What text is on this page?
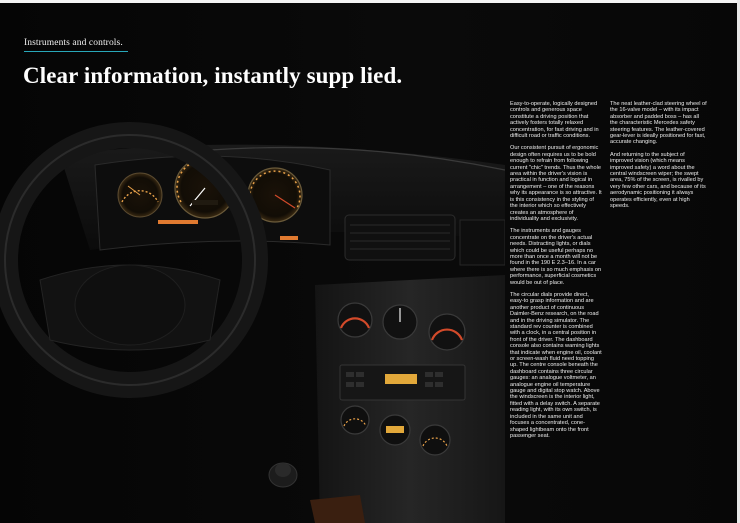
Instruments and controls.
Clear information, instantly supp lied.

Easy-to-operate, logically designed controls and generous space constitute a driving position that actively fosters totally relaxed concentration, for fast driving and in difficult road or traffic conditions.

Our consistent pursuit of ergonomic design often requires us to be bold enough to refrain from following current "chic" trends. Thus the whole area within the driver's vision is practical in function and logical in arrangement – one of the reasons why its appearance is so attractive. It is this consistency in the styling of the interior which so effectively creates an atmosphere of individuality and exclusivity.

The instruments and gauges concentrate on the driver's actual needs. Distracting lights, or dials which could be useful perhaps no more than once a month will not be found in the 190 E 2.3–16. In a car where there is so much emphasis on performance, superficial cosmetics would be out of place.

The circular dials provide direct, easy-to grasp information and are another product of continuous Daimler-Benz research, on the road and in the driving simulator. The standard rev counter is combined with a clock, in a central position in front of the driver. The dashboard console also contains warning lights that indicate when engine oil, coolant or screen-wash fluid need topping up. The centre console beneath the dashboard contains three circular gauges: an analogue voltmeter, an analogue engine oil temperature gauge and digital stop watch. Above the windscreen is the interior light, fitted with a delay switch. A separate reading light, with its own switch, is included in the same unit and focuses a concentrated, cone-shaped lightbeam onto the front passenger seat.

The neat leather-clad steering wheel of the 16-valve model – with its impact absorber and padded boss – has all the characteristic Mercedes safety steering features. The leather-covered gear-lever is ideally positioned for fast, accurate changing.

And returning to the subject of improved vision (which means improved safety) a word about the central windscreen wiper; the swept area, 75% of the screen, is rivalled by very few other cars, and because of its aerodynamic positioning it always operates efficiently, even at high speeds.
